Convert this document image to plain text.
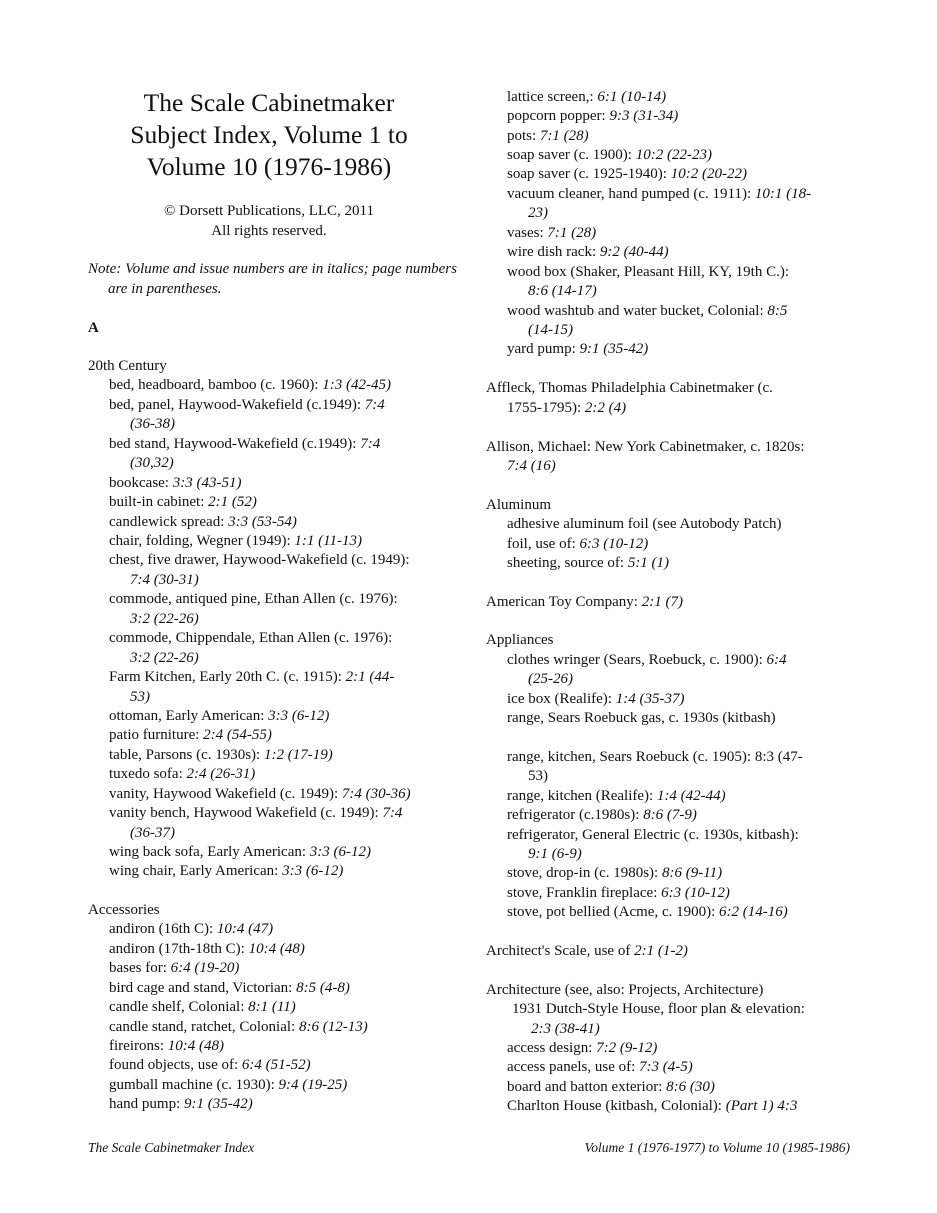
The Scale Cabinetmaker
Subject Index, Volume 1 to
Volume 10 (1976-1986)
© Dorsett Publications, LLC, 2011
All rights reserved.
Note: Volume and issue numbers are in italics; page numbers are in parentheses.
A
20th Century
bed, headboard, bamboo (c. 1960): 1:3 (42-45)
bed, panel, Haywood-Wakefield (c.1949): 7:4
(36-38)
bed stand, Haywood-Wakefield (c.1949): 7:4
(30,32)
bookcase: 3:3 (43-51)
built-in cabinet: 2:1 (52)
candlewick spread: 3:3 (53-54)
chair, folding, Wegner (1949): 1:1 (11-13)
chest, five drawer, Haywood-Wakefield (c. 1949):
7:4 (30-31)
commode, antiqued pine, Ethan Allen (c. 1976):
3:2 (22-26)
commode, Chippendale, Ethan Allen (c. 1976):
3:2 (22-26)
Farm Kitchen, Early 20th C. (c. 1915): 2:1 (44-
53)
ottoman, Early American: 3:3 (6-12)
patio furniture: 2:4 (54-55)
table, Parsons (c. 1930s): 1:2 (17-19)
tuxedo sofa: 2:4 (26-31)
vanity, Haywood Wakefield (c. 1949): 7:4 (30-36)
vanity bench, Haywood Wakefield (c. 1949): 7:4
(36-37)
wing back sofa, Early American: 3:3 (6-12)
wing chair, Early American: 3:3 (6-12)
Accessories
andiron (16th C): 10:4 (47)
andiron (17th-18th C): 10:4 (48)
bases for: 6:4 (19-20)
bird cage and stand, Victorian: 8:5 (4-8)
candle shelf, Colonial: 8:1 (11)
candle stand, ratchet, Colonial: 8:6 (12-13)
fireirons: 10:4 (48)
found objects, use of: 6:4 (51-52)
gumball machine (c. 1930): 9:4 (19-25)
hand pump: 9:1 (35-42)
lattice screen,: 6:1 (10-14)
popcorn popper: 9:3 (31-34)
pots: 7:1 (28)
soap saver (c. 1900): 10:2 (22-23)
soap saver (c. 1925-1940): 10:2 (20-22)
vacuum cleaner, hand pumped (c. 1911): 10:1 (18-
23)
vases: 7:1 (28)
wire dish rack: 9:2 (40-44)
wood box (Shaker, Pleasant Hill, KY, 19th C.):
8:6 (14-17)
wood washtub and water bucket, Colonial: 8:5
(14-15)
yard pump: 9:1 (35-42)
Affleck, Thomas Philadelphia Cabinetmaker (c.
1755-1795): 2:2 (4)
Allison, Michael: New York Cabinetmaker, c. 1820s:
7:4 (16)
Aluminum
adhesive aluminum foil (see Autobody Patch)
foil, use of: 6:3 (10-12)
sheeting, source of: 5:1 (1)
American Toy Company: 2:1 (7)
Appliances
clothes wringer (Sears, Roebuck, c. 1900): 6:4
(25-26)
ice box (Realife): 1:4 (35-37)
range, Sears Roebuck gas, c. 1930s (kitbash)
range, kitchen, Sears Roebuck (c. 1905): 8:3 (47-
53)
range, kitchen (Realife): 1:4 (42-44)
refrigerator (c.1980s): 8:6 (7-9)
refrigerator, General Electric (c. 1930s, kitbash):
9:1 (6-9)
stove, drop-in (c. 1980s): 8:6 (9-11)
stove, Franklin fireplace: 6:3 (10-12)
stove, pot bellied (Acme, c. 1900): 6:2 (14-16)
Architect's Scale, use of 2:1 (1-2)
Architecture (see, also: Projects, Architecture)
1931 Dutch-Style House, floor plan & elevation:
2:3 (38-41)
access design: 7:2 (9-12)
access panels, use of: 7:3 (4-5)
board and batton exterior: 8:6 (30)
Charlton House (kitbash, Colonial): (Part 1) 4:3
The Scale Cabinetmaker Index	Volume 1 (1976-1977) to Volume 10 (1985-1986)
